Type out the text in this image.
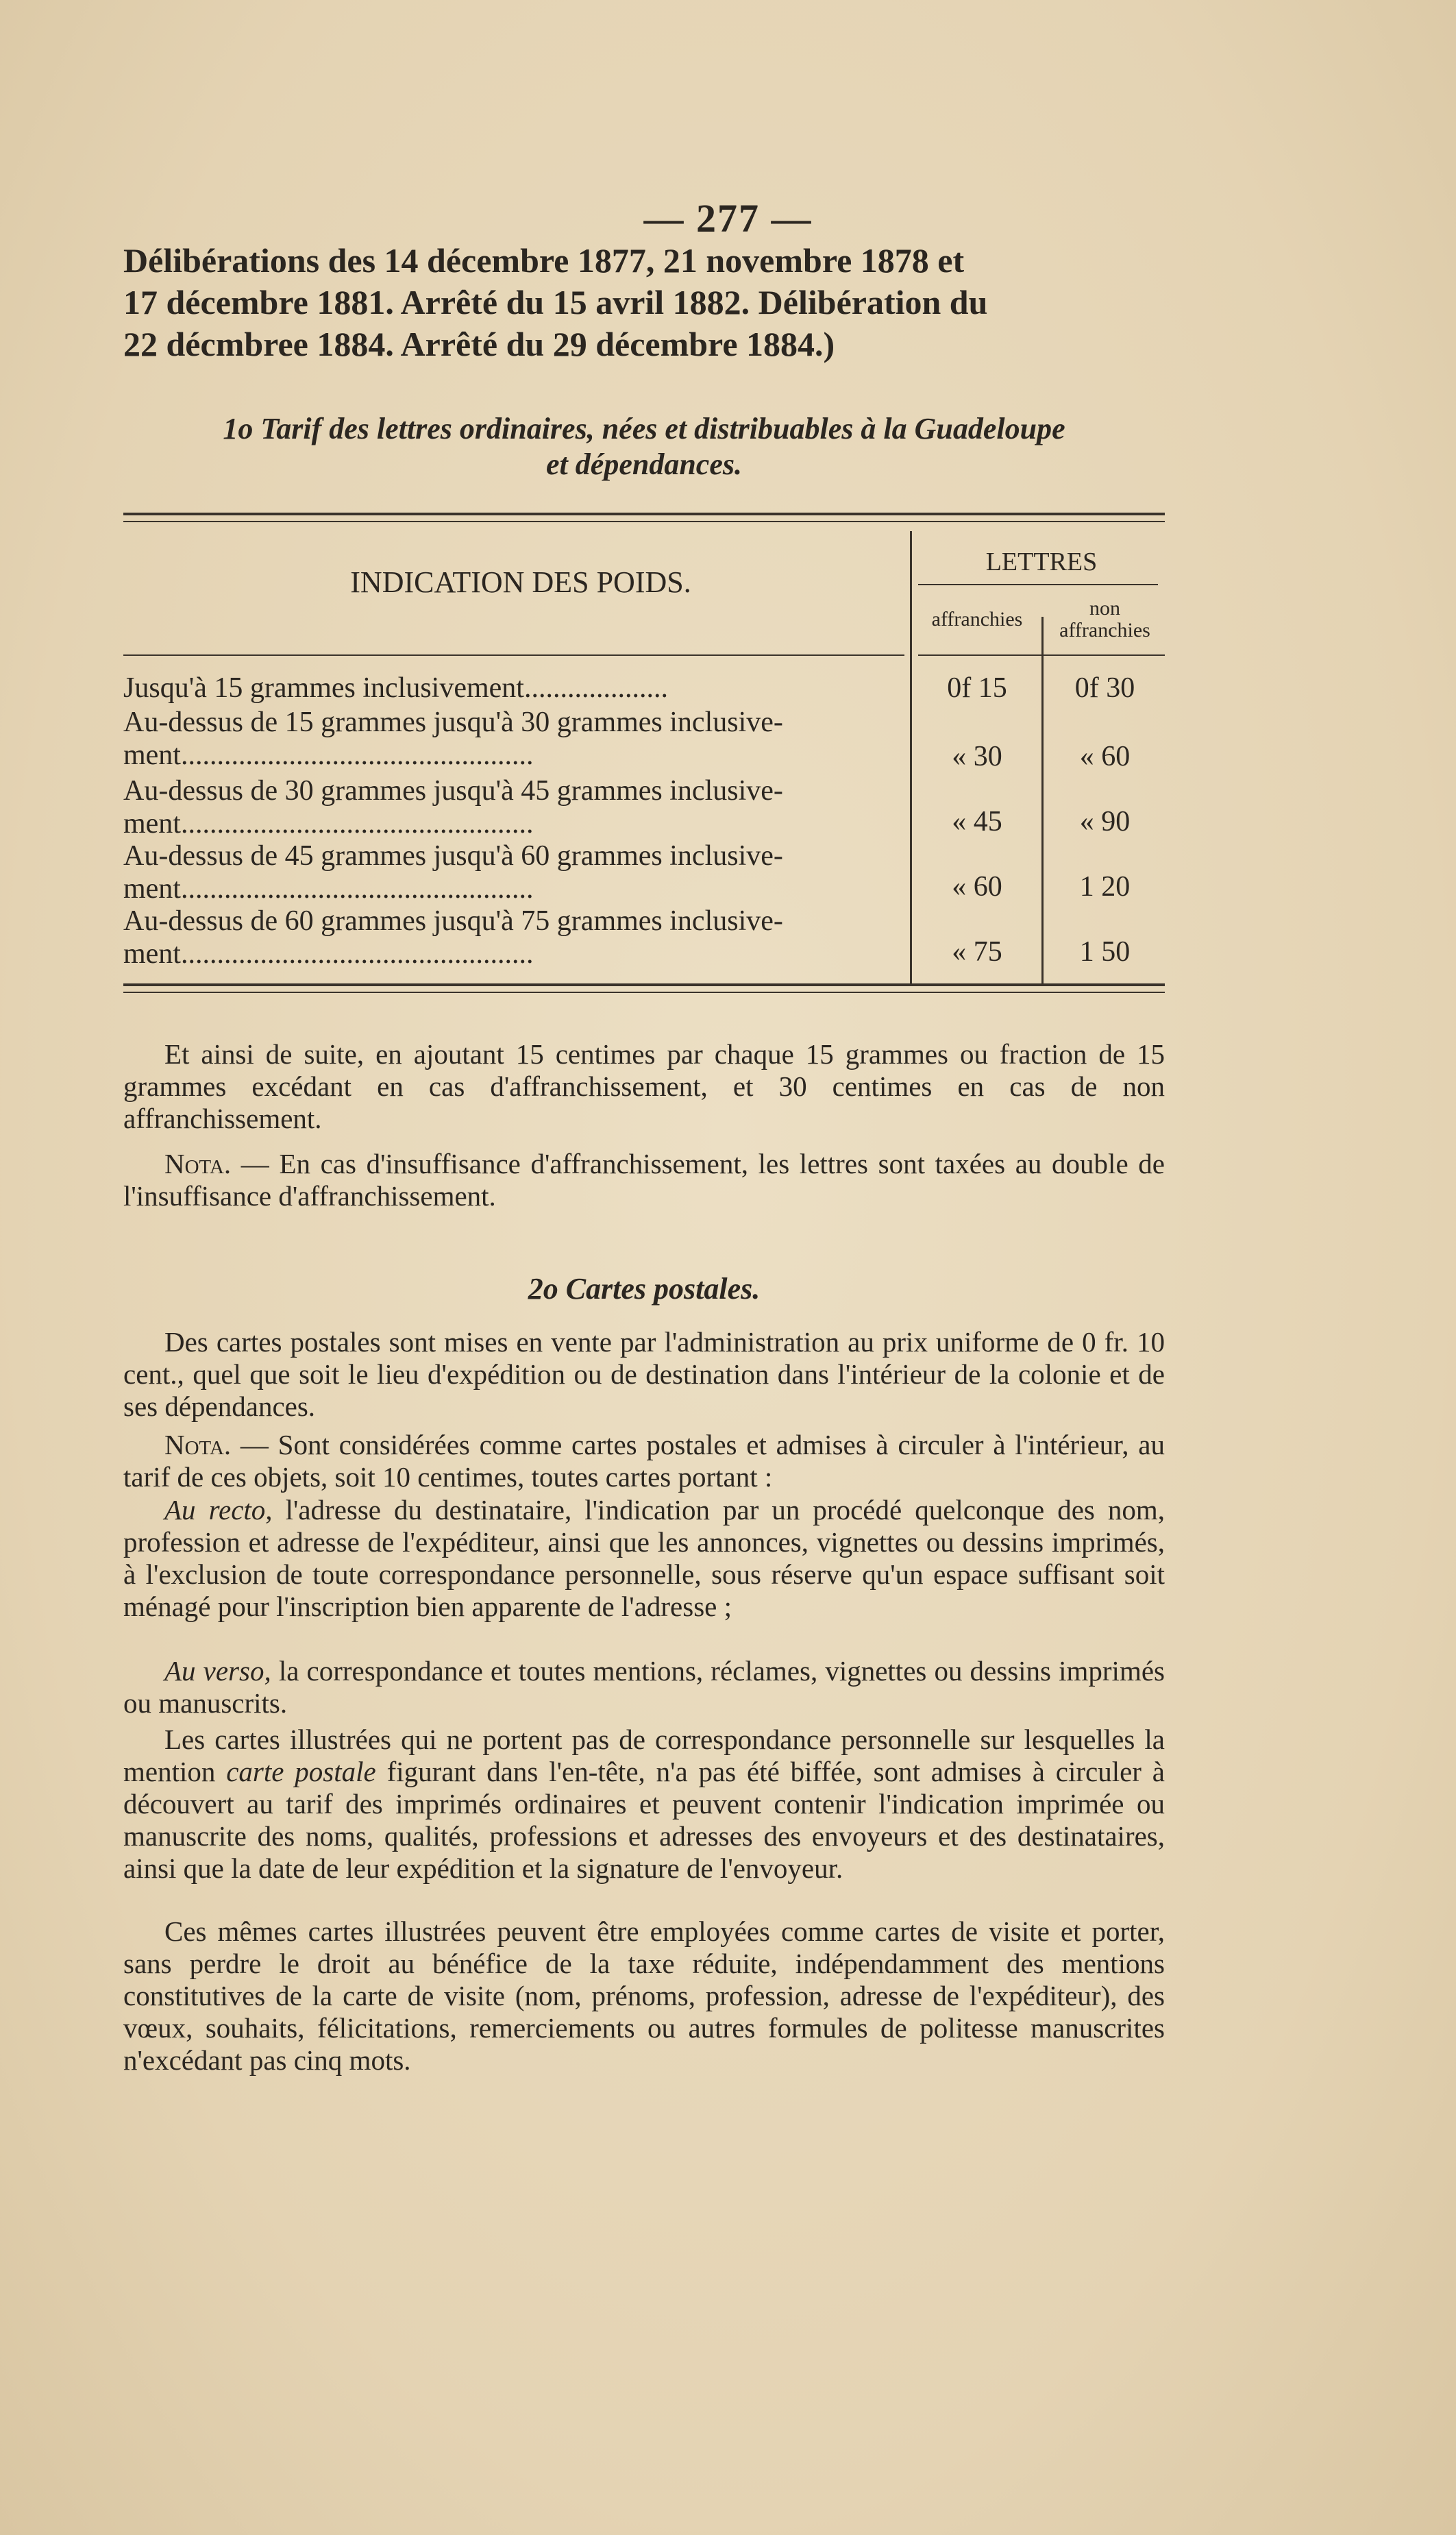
— 277 —
Délibérations des 14 décembre 1877, 21 novembre 1878 et
17 décembre 1881. Arrêté du 15 avril 1882. Délibération du
22 décmbree 1884. Arrêté du 29 décembre 1884.)
1o Tarif des lettres ordinaires, nées et distribuables à la Guadeloupe
et dépendances.
INDICATION DES POIDS.
LETTRES
affranchies	non
affranchies
Jusqu'à 15 grammes inclusivement....................	0f 15	0f 30
Au-dessus de 15 grammes jusqu'à 30 grammes inclusive-
ment.................................................	« 30	« 60
Au-dessus de 30 grammes jusqu'à 45 grammes inclusive-
ment.................................................	« 45	« 90
Au-dessus de 45 grammes jusqu'à 60 grammes inclusive-
ment.................................................	« 60	1 20
Au-dessus de 60 grammes jusqu'à 75 grammes inclusive-
ment.................................................	« 75	1 50
Et ainsi de suite, en ajoutant 15 centimes par chaque 15 grammes ou fraction de 15 grammes excédant en cas d'affranchissement, et 30 centimes en cas de non affranchissement.
Nota. — En cas d'insuffisance d'affranchissement, les lettres sont taxées au double de l'insuffisance d'affranchissement.
2o Cartes postales.
Des cartes postales sont mises en vente par l'administration au prix uniforme de 0 fr. 10 cent., quel que soit le lieu d'expédition ou de destination dans l'intérieur de la colonie et de ses dépendances.
Nota. — Sont considérées comme cartes postales et admises à circuler à l'intérieur, au tarif de ces objets, soit 10 centimes, toutes cartes portant :
Au recto, l'adresse du destinataire, l'indication par un procédé quelconque des nom, profession et adresse de l'expéditeur, ainsi que les annonces, vignettes ou dessins imprimés, à l'exclusion de toute correspondance personnelle, sous réserve qu'un espace suffisant soit ménagé pour l'inscription bien apparente de l'adresse ;
Au verso, la correspondance et toutes mentions, réclames, vignettes ou dessins imprimés ou manuscrits.
Les cartes illustrées qui ne portent pas de correspondance personnelle sur lesquelles la mention carte postale figurant dans l'en-tête, n'a pas été biffée, sont admises à circuler à découvert au tarif des imprimés ordinaires et peuvent contenir l'indication imprimée ou manuscrite des noms, qualités, professions et adresses des envoyeurs et des destinataires, ainsi que la date de leur expédition et la signature de l'envoyeur.
Ces mêmes cartes illustrées peuvent être employées comme cartes de visite et porter, sans perdre le droit au bénéfice de la taxe réduite, indépendamment des mentions constitutives de la carte de visite (nom, prénoms, profession, adresse de l'expéditeur), des vœux, souhaits, félicitations, remerciements ou autres formules de politesse manuscrites n'excédant pas cinq mots.
